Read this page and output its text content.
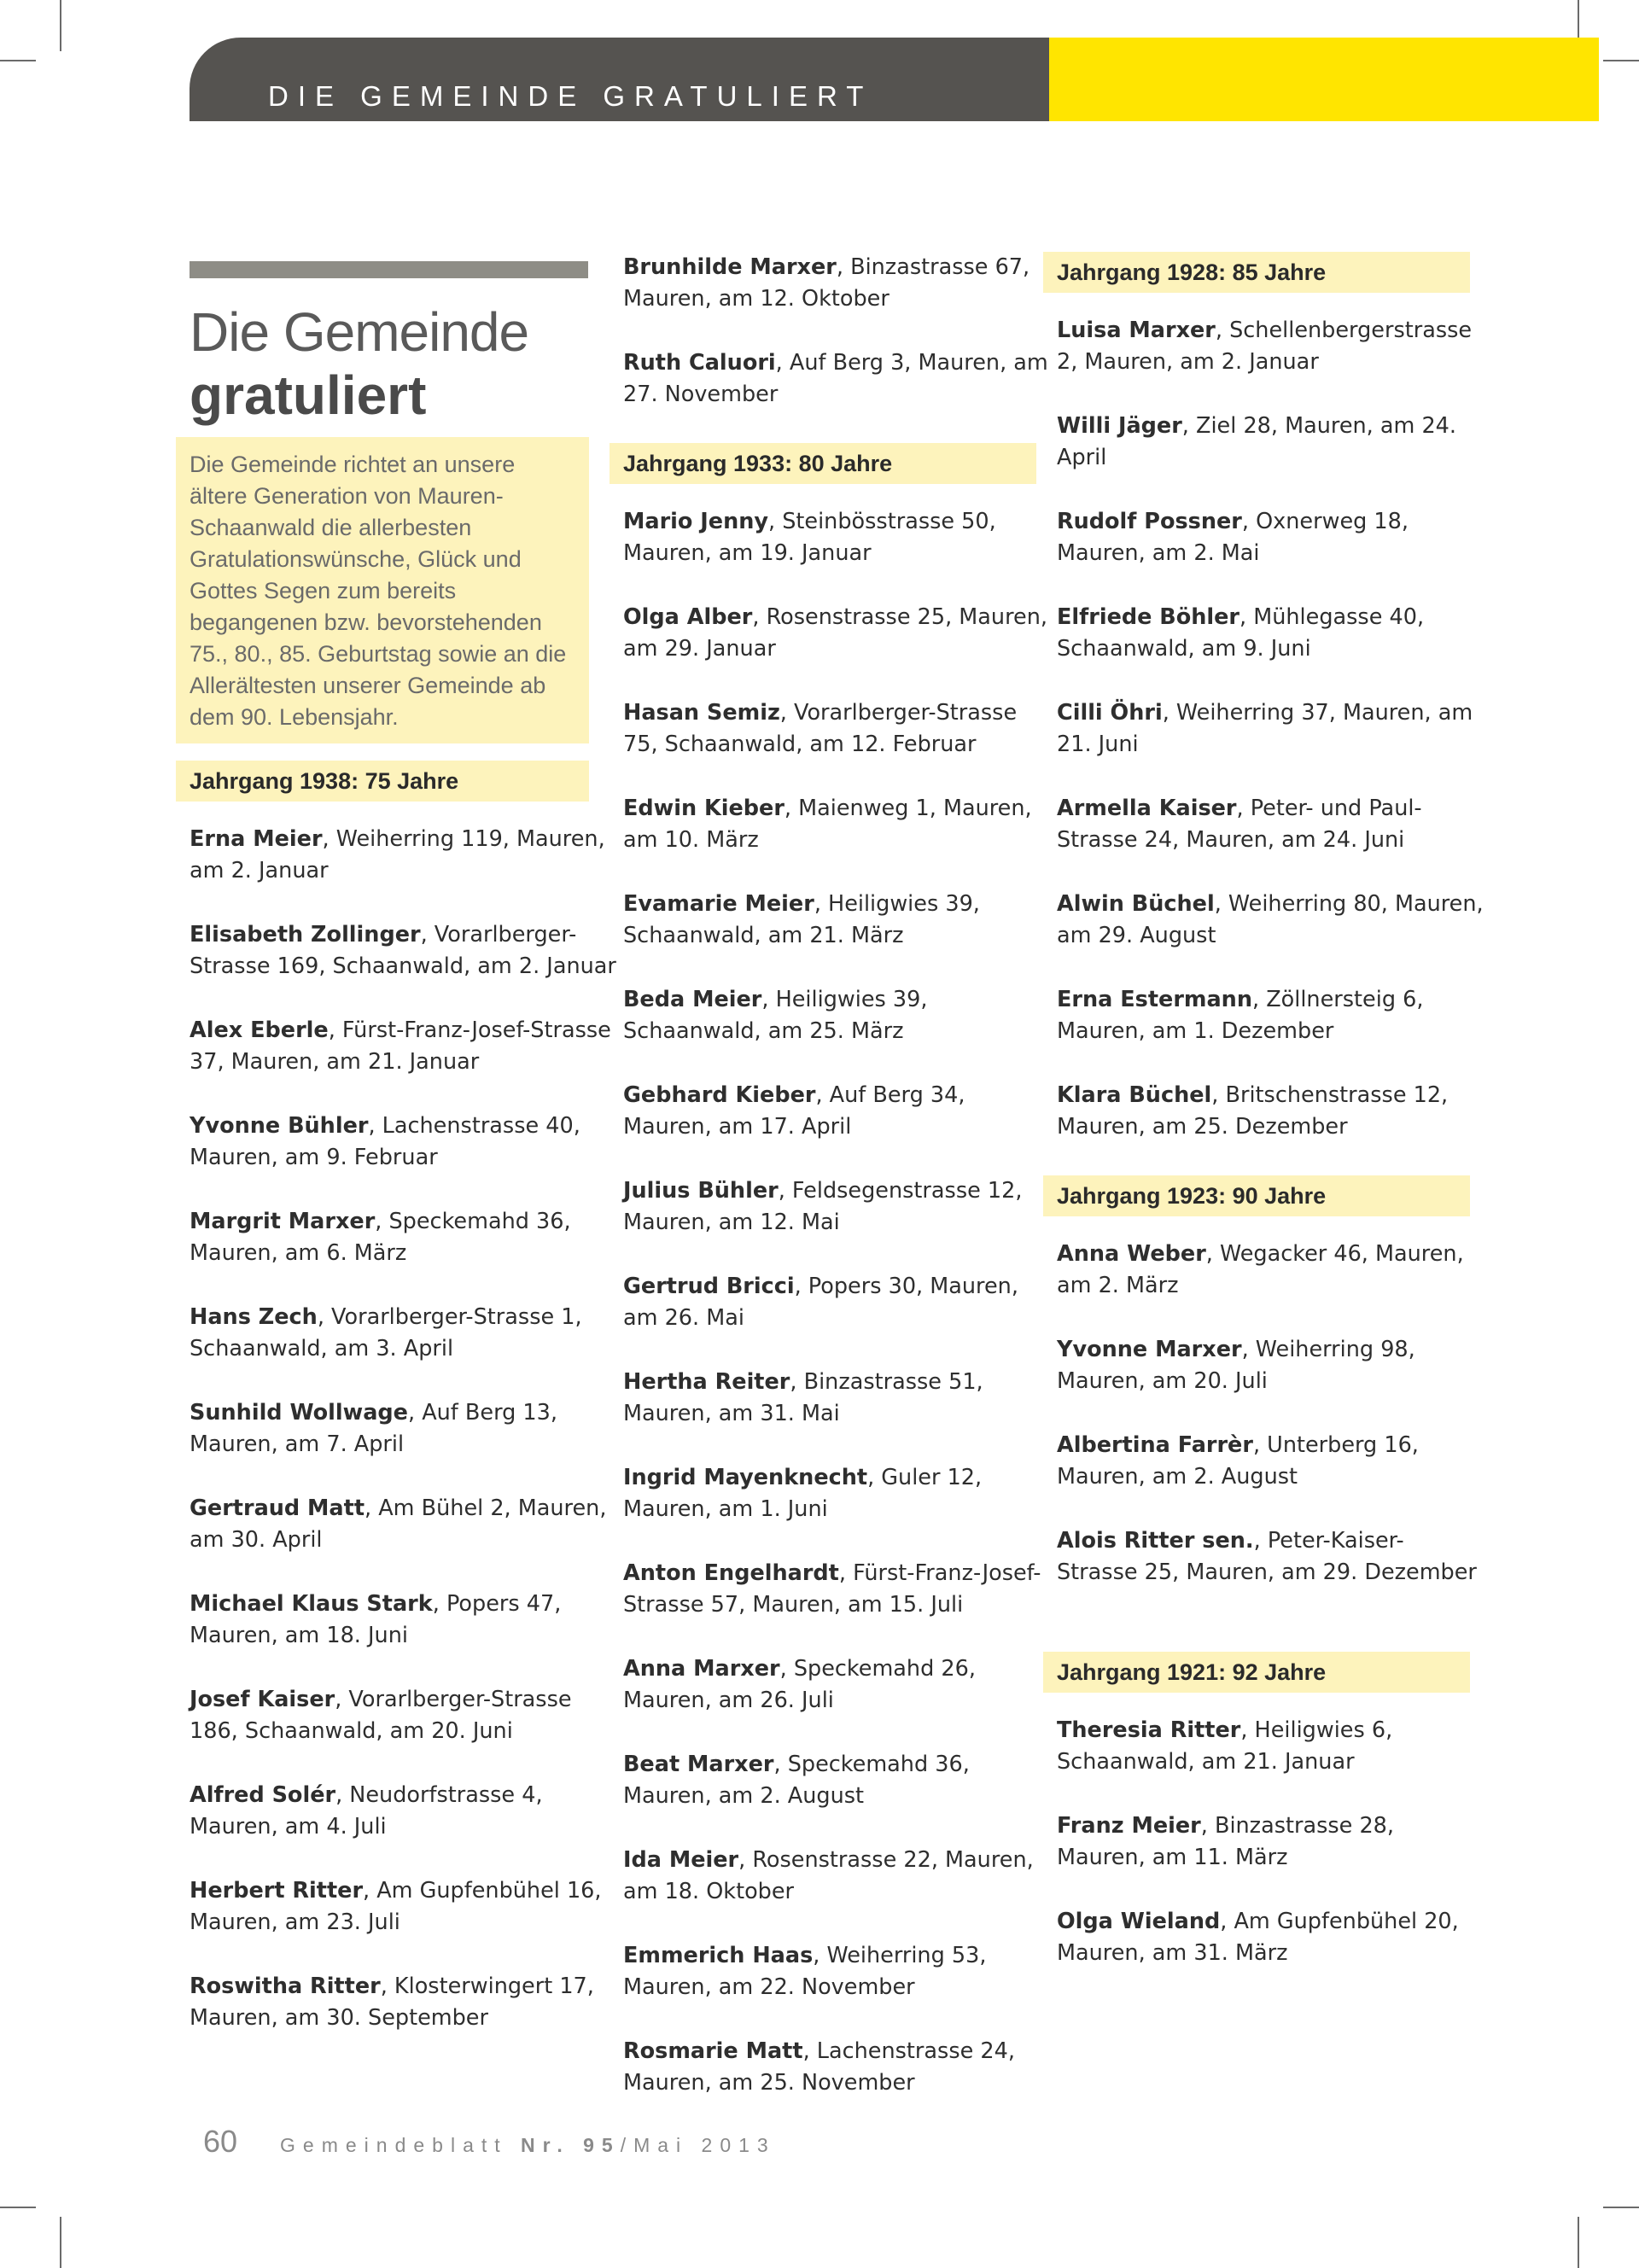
DIE GEMEINDE GRATULIERT
Die Gemeinde
gratuliert
Die Gemeinde richtet an unsere ältere Generation von Mauren-Schaanwald die allerbesten Gratulationswünsche, Glück und Gottes Segen zum bereits begangenen bzw. bevorstehenden 75., 80., 85. Geburtstag sowie an die Allerältesten unserer Gemeinde ab dem 90. Lebensjahr.
Jahrgang 1938: 75 Jahre
Erna Meier, Weiherring 119, Mauren, am 2. Januar
Elisabeth Zollinger, Vorarlberger-Strasse 169, Schaanwald, am 2. Januar
Alex Eberle, Fürst-Franz-Josef-Strasse 37, Mauren, am 21. Januar
Yvonne Bühler, Lachenstrasse 40, Mauren, am 9. Februar
Margrit Marxer, Speckemahd 36, Mauren, am 6. März
Hans Zech, Vorarlberger-Strasse 1, Schaanwald, am 3. April
Sunhild Wollwage, Auf Berg 13, Mauren, am 7. April
Gertraud Matt, Am Bühel 2, Mauren, am 30. April
Michael Klaus Stark, Popers 47, Mauren, am 18. Juni
Josef Kaiser, Vorarlberger-Strasse 186, Schaanwald, am 20. Juni
Alfred Solér, Neudorfstrasse 4, Mauren, am 4. Juli
Herbert Ritter, Am Gupfenbühel 16, Mauren, am 23. Juli
Roswitha Ritter, Klosterwingert 17, Mauren, am 30. September
Brunhilde Marxer, Binzastrasse 67, Mauren, am 12. Oktober
Ruth Caluori, Auf Berg 3, Mauren, am 27. November
Jahrgang 1933: 80 Jahre
Mario Jenny, Steinbösstrasse 50, Mauren, am 19. Januar
Olga Alber, Rosenstrasse 25, Mauren, am 29. Januar
Hasan Semiz, Vorarlberger-Strasse 75, Schaanwald, am 12. Februar
Edwin Kieber, Maienweg 1, Mauren, am 10. März
Evamarie Meier, Heiligwies 39, Schaanwald, am 21. März
Beda Meier, Heiligwies 39, Schaanwald, am 25. März
Gebhard Kieber, Auf Berg 34, Mauren, am 17. April
Julius Bühler, Feldsegenstrasse 12, Mauren, am 12. Mai
Gertrud Bricci, Popers 30, Mauren, am 26. Mai
Hertha Reiter, Binzastrasse 51, Mauren, am 31. Mai
Ingrid Mayenknecht, Guler 12, Mauren, am 1. Juni
Anton Engelhardt, Fürst-Franz-Josef-Strasse 57, Mauren, am 15. Juli
Anna Marxer, Speckemahd 26, Mauren, am 26. Juli
Beat Marxer, Speckemahd 36, Mauren, am 2. August
Ida Meier, Rosenstrasse 22, Mauren, am 18. Oktober
Emmerich Haas, Weiherring 53, Mauren, am 22. November
Rosmarie Matt, Lachenstrasse 24, Mauren, am 25. November
Jahrgang 1928: 85 Jahre
Luisa Marxer, Schellenbergerstrasse 2, Mauren, am 2. Januar
Willi Jäger, Ziel 28, Mauren, am 24. April
Rudolf Possner, Oxnerweg 18, Mauren, am 2. Mai
Elfriede Böhler, Mühlegasse 40, Schaanwald, am 9. Juni
Cilli Öhri, Weiherring 37, Mauren, am 21. Juni
Armella Kaiser, Peter- und Paul-Strasse 24, Mauren, am 24. Juni
Alwin Büchel, Weiherring 80, Mauren, am 29. August
Erna Estermann, Zöllnersteig 6, Mauren, am 1. Dezember
Klara Büchel, Britschenstrasse 12, Mauren, am 25. Dezember
Jahrgang 1923: 90 Jahre
Anna Weber, Wegacker 46, Mauren, am 2. März
Yvonne Marxer, Weiherring 98, Mauren, am 20. Juli
Albertina Farrèr, Unterberg 16, Mauren, am 2. August
Alois Ritter sen., Peter-Kaiser-Strasse 25, Mauren, am 29. Dezember
Jahrgang 1921: 92 Jahre
Theresia Ritter, Heiligwies 6, Schaanwald, am 21. Januar
Franz Meier, Binzastrasse 28, Mauren, am 11. März
Olga Wieland, Am Gupfenbühel 20, Mauren, am 31. März
60 Gemeindeblatt Nr. 95/Mai 2013
